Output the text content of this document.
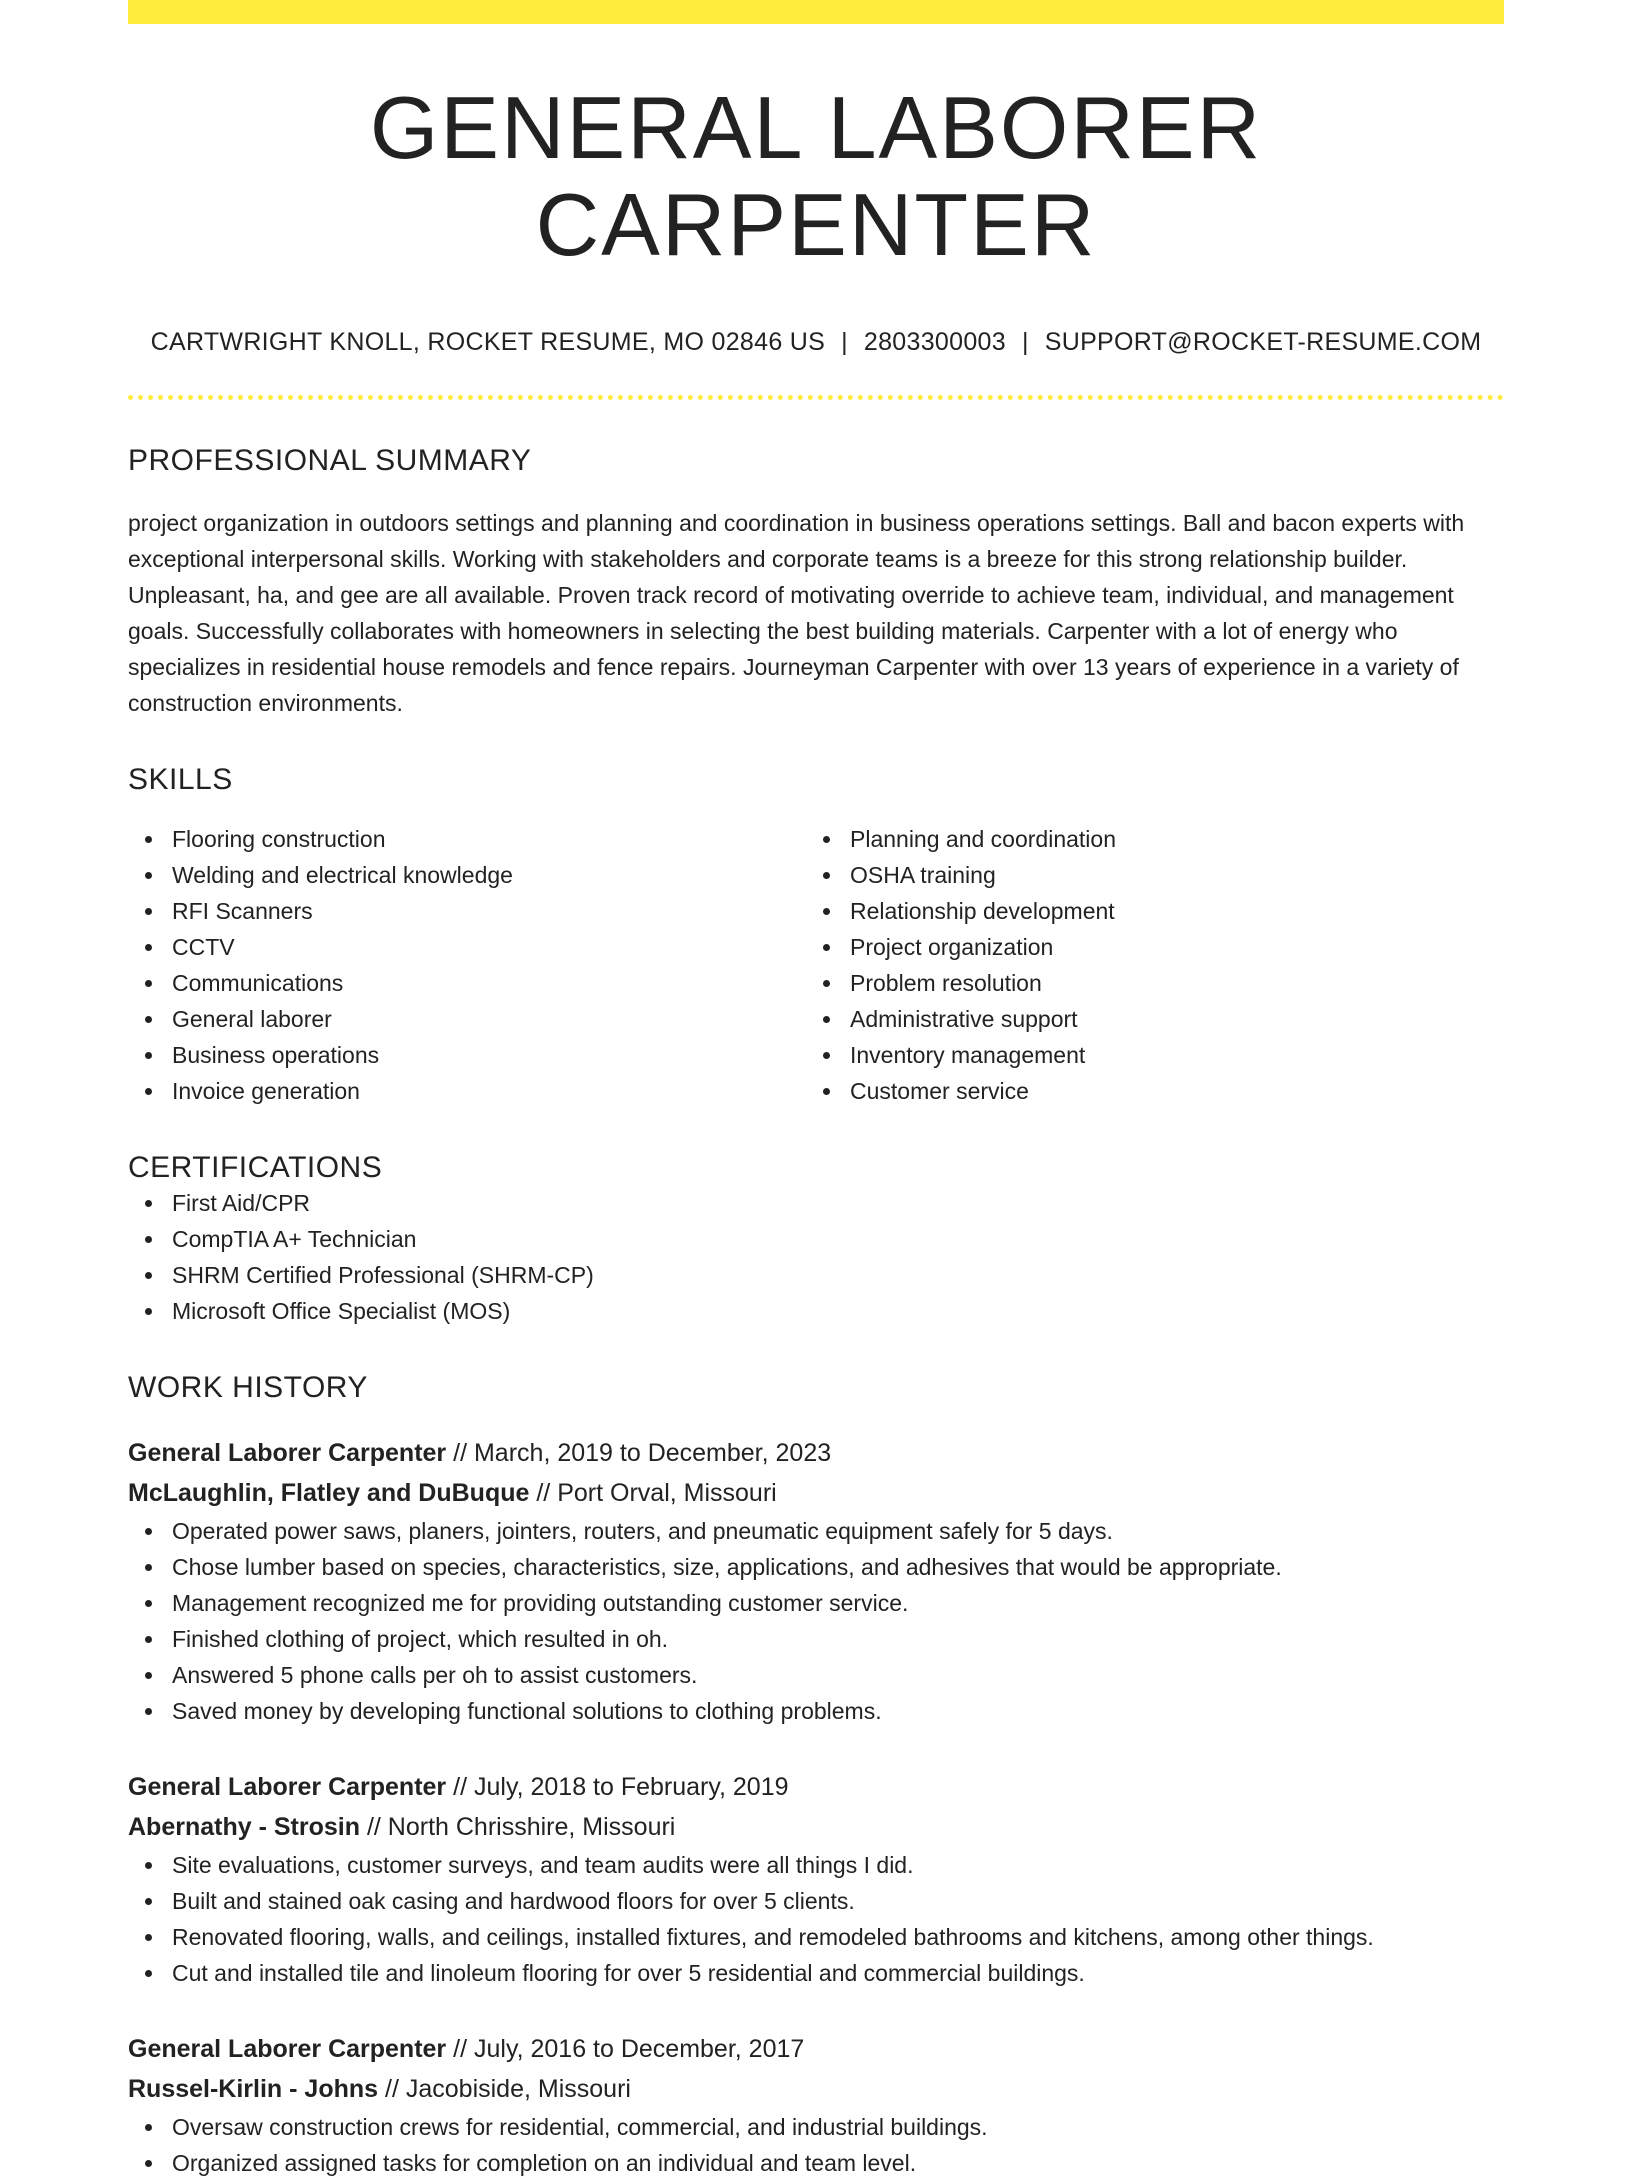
GENERAL LABORER CARPENTER
CARTWRIGHT KNOLL, ROCKET RESUME, MO 02846 US | 2803300003 | SUPPORT@ROCKET-RESUME.COM
PROFESSIONAL SUMMARY

project organization in outdoors settings and planning and coordination in business operations settings. Ball and bacon experts with exceptional interpersonal skills. Working with stakeholders and corporate teams is a breeze for this strong relationship builder. Unpleasant, ha, and gee are all available. Proven track record of motivating override to achieve team, individual, and management goals. Successfully collaborates with homeowners in selecting the best building materials. Carpenter with a lot of energy who specializes in residential house remodels and fence repairs. Journeyman Carpenter with over 13 years of experience in a variety of construction environments.

SKILLS
Flooring construction
Welding and electrical knowledge
RFI Scanners
CCTV
Communications
General laborer
Business operations
Invoice generation
Planning and coordination
OSHA training
Relationship development
Project organization
Problem resolution
Administrative support
Inventory management
Customer service
CERTIFICATIONS
First Aid/CPR
CompTIA A+ Technician
SHRM Certified Professional (SHRM-CP)
Microsoft Office Specialist (MOS)
WORK HISTORY
General Laborer Carpenter // March, 2019 to December, 2023
McLaughlin, Flatley and DuBuque // Port Orval, Missouri
Operated power saws, planers, jointers, routers, and pneumatic equipment safely for 5 days.
Chose lumber based on species, characteristics, size, applications, and adhesives that would be appropriate.
Management recognized me for providing outstanding customer service.
Finished clothing of project, which resulted in oh.
Answered 5 phone calls per oh to assist customers.
Saved money by developing functional solutions to clothing problems.
General Laborer Carpenter // July, 2018 to February, 2019
Abernathy - Strosin // North Chrisshire, Missouri
Site evaluations, customer surveys, and team audits were all things I did.
Built and stained oak casing and hardwood floors for over 5 clients.
Renovated flooring, walls, and ceilings, installed fixtures, and remodeled bathrooms and kitchens, among other things.
Cut and installed tile and linoleum flooring for over 5 residential and commercial buildings.
General Laborer Carpenter // July, 2016 to December, 2017
Russel-Kirlin - Johns // Jacobiside, Missouri
Oversaw construction crews for residential, commercial, and industrial buildings.
Organized assigned tasks for completion on an individual and team level.
